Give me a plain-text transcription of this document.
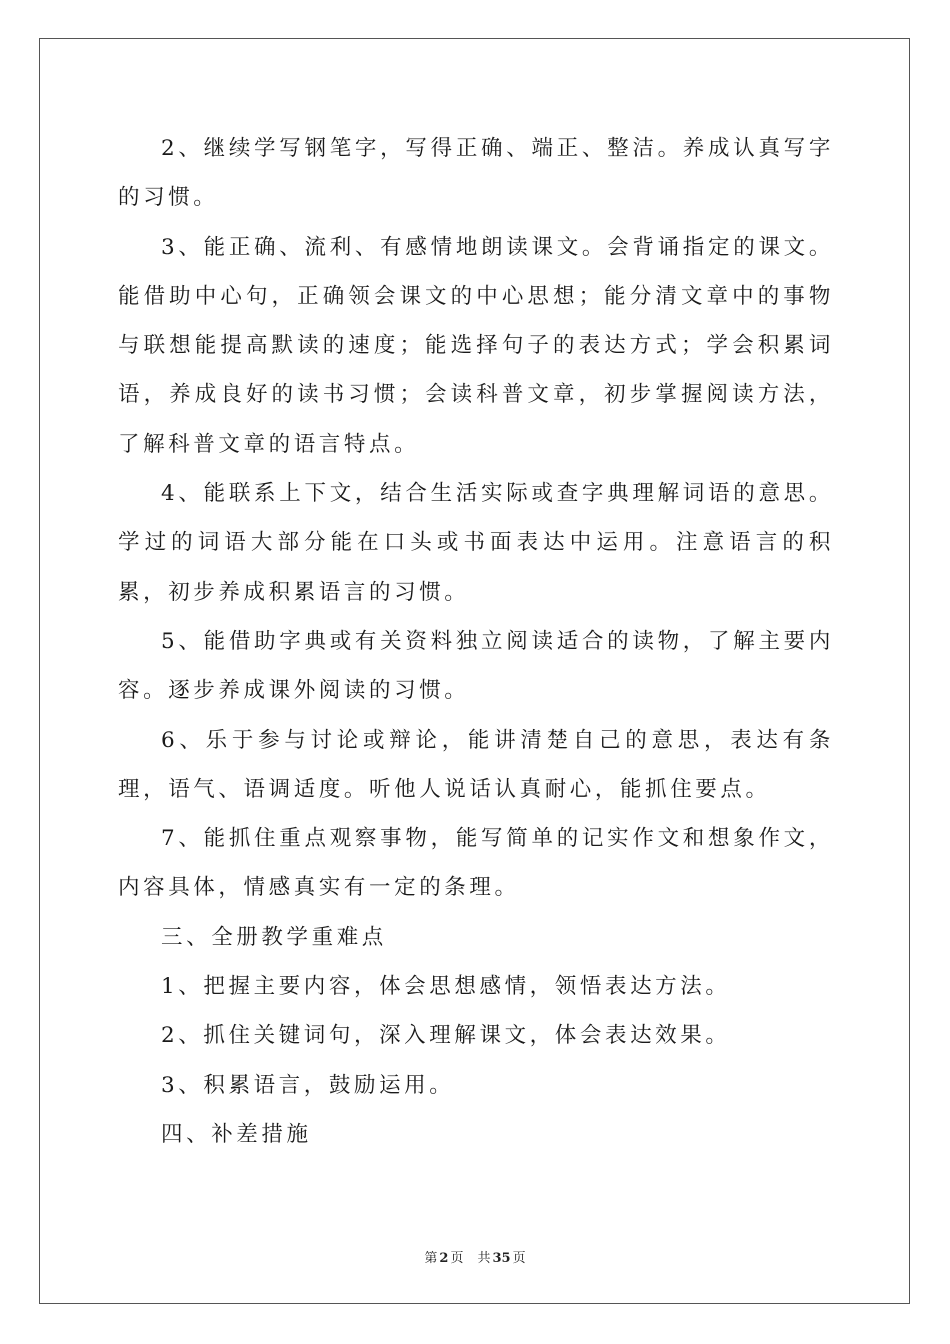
2、继续学写钢笔字，写得正确、端正、整洁。养成认真写字的习惯。

3、能正确、流利、有感情地朗读课文。会背诵指定的课文。能借助中心句，正确领会课文的中心思想；能分清文章中的事物与联想能提高默读的速度；能选择句子的表达方式；学会积累词语，养成良好的读书习惯；会读科普文章，初步掌握阅读方法，了解科普文章的语言特点。

4、能联系上下文，结合生活实际或查字典理解词语的意思。学过的词语大部分能在口头或书面表达中运用。注意语言的积累，初步养成积累语言的习惯。

5、能借助字典或有关资料独立阅读适合的读物，了解主要内容。逐步养成课外阅读的习惯。

6、乐于参与讨论或辩论，能讲清楚自己的意思，表达有条理，语气、语调适度。听他人说话认真耐心，能抓住要点。

7、能抓住重点观察事物，能写简单的记实作文和想象作文，内容具体，情感真实有一定的条理。

三、全册教学重难点

1、把握主要内容，体会思想感情，领悟表达方法。

2、抓住关键词句，深入理解课文，体会表达效果。

3、积累语言，鼓励运用。

四、补差措施

第 2 页 共 35 页
